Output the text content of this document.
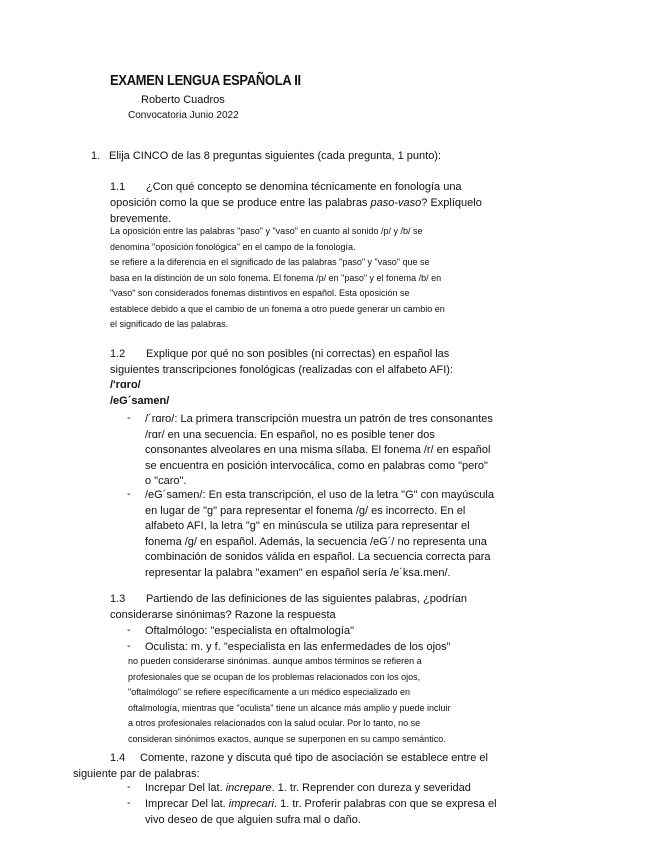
EXAMEN LENGUA ESPAÑOLA II
Roberto Cuadros
Convocatoria Junio 2022
1. Elija CINCO de las 8 preguntas siguientes (cada pregunta, 1 punto):
1.1 ¿Con qué concepto se denomina técnicamente en fonología una
oposición como la que se produce entre las palabras paso-vaso? Explíquelo
brevemente.
La oposición entre las palabras "paso" y "vaso" en cuanto al sonido /p/ y /b/ se
denomina "oposición fonológica" en el campo de la fonología.
se refiere a la diferencia en el significado de las palabras "paso" y "vaso" que se
basa en la distinción de un solo fonema. El fonema /p/ en "paso" y el fonema /b/ en
"vaso" son considerados fonemas distintivos en español. Esta oposición se
establece debido a que el cambio de un fonema a otro puede generar un cambio en
el significado de las palabras.
1.2 Explique por qué no son posibles (ni correctas) en español las
siguientes transcripciones fonológicas (realizadas con el alfabeto AFI):
/'rɑro/
/eG´samen/
- /´rɑro/: La primera transcripción muestra un patrón de tres consonantes
/rɑr/ en una secuencia. En español, no es posible tener dos
consonantes alveolares en una misma sílaba. El fonema /r/ en español
se encuentra en posición intervocálica, como en palabras como "pero"
o "caro".
- /eG´samen/: En esta transcripción, el uso de la letra "G" con mayúscula
en lugar de "g" para representar el fonema /g/ es incorrecto. En el
alfabeto AFI, la letra "g" en minúscula se utiliza para representar el
fonema /g/ en español. Además, la secuencia /eG´/ no representa una
combinación de sonidos válida en español. La secuencia correcta para
representar la palabra "examen" en español sería /e´ksa.men/.
1.3 Partiendo de las definiciones de las siguientes palabras, ¿podrían
considerarse sinónimas? Razone la respuesta
- Oftalmólogo: "especialista en oftalmología"
- Oculista: m. y f. "especialista en las enfermedades de los ojos"
no pueden considerarse sinónimas. aunque ambos términos se refieren a
profesionales que se ocupan de los problemas relacionados con los ojos,
"oftalmólogo" se refiere específicamente a un médico especializado en
oftalmología, mientras que "oculista" tiene un alcance más amplio y puede incluir
a otros profesionales relacionados con la salud ocular. Por lo tanto, no se
consideran sinónimos exactos, aunque se superponen en su campo semántico.
1.4 Comente, razone y discuta qué tipo de asociación se establece entre el
siguiente par de palabras:
- Increpar Del lat. increpare. 1. tr. Reprender con dureza y severidad
- Imprecar Del lat. imprecari. 1. tr. Proferir palabras con que se expresa el
vivo deseo de que alguien sufra mal o daño.
